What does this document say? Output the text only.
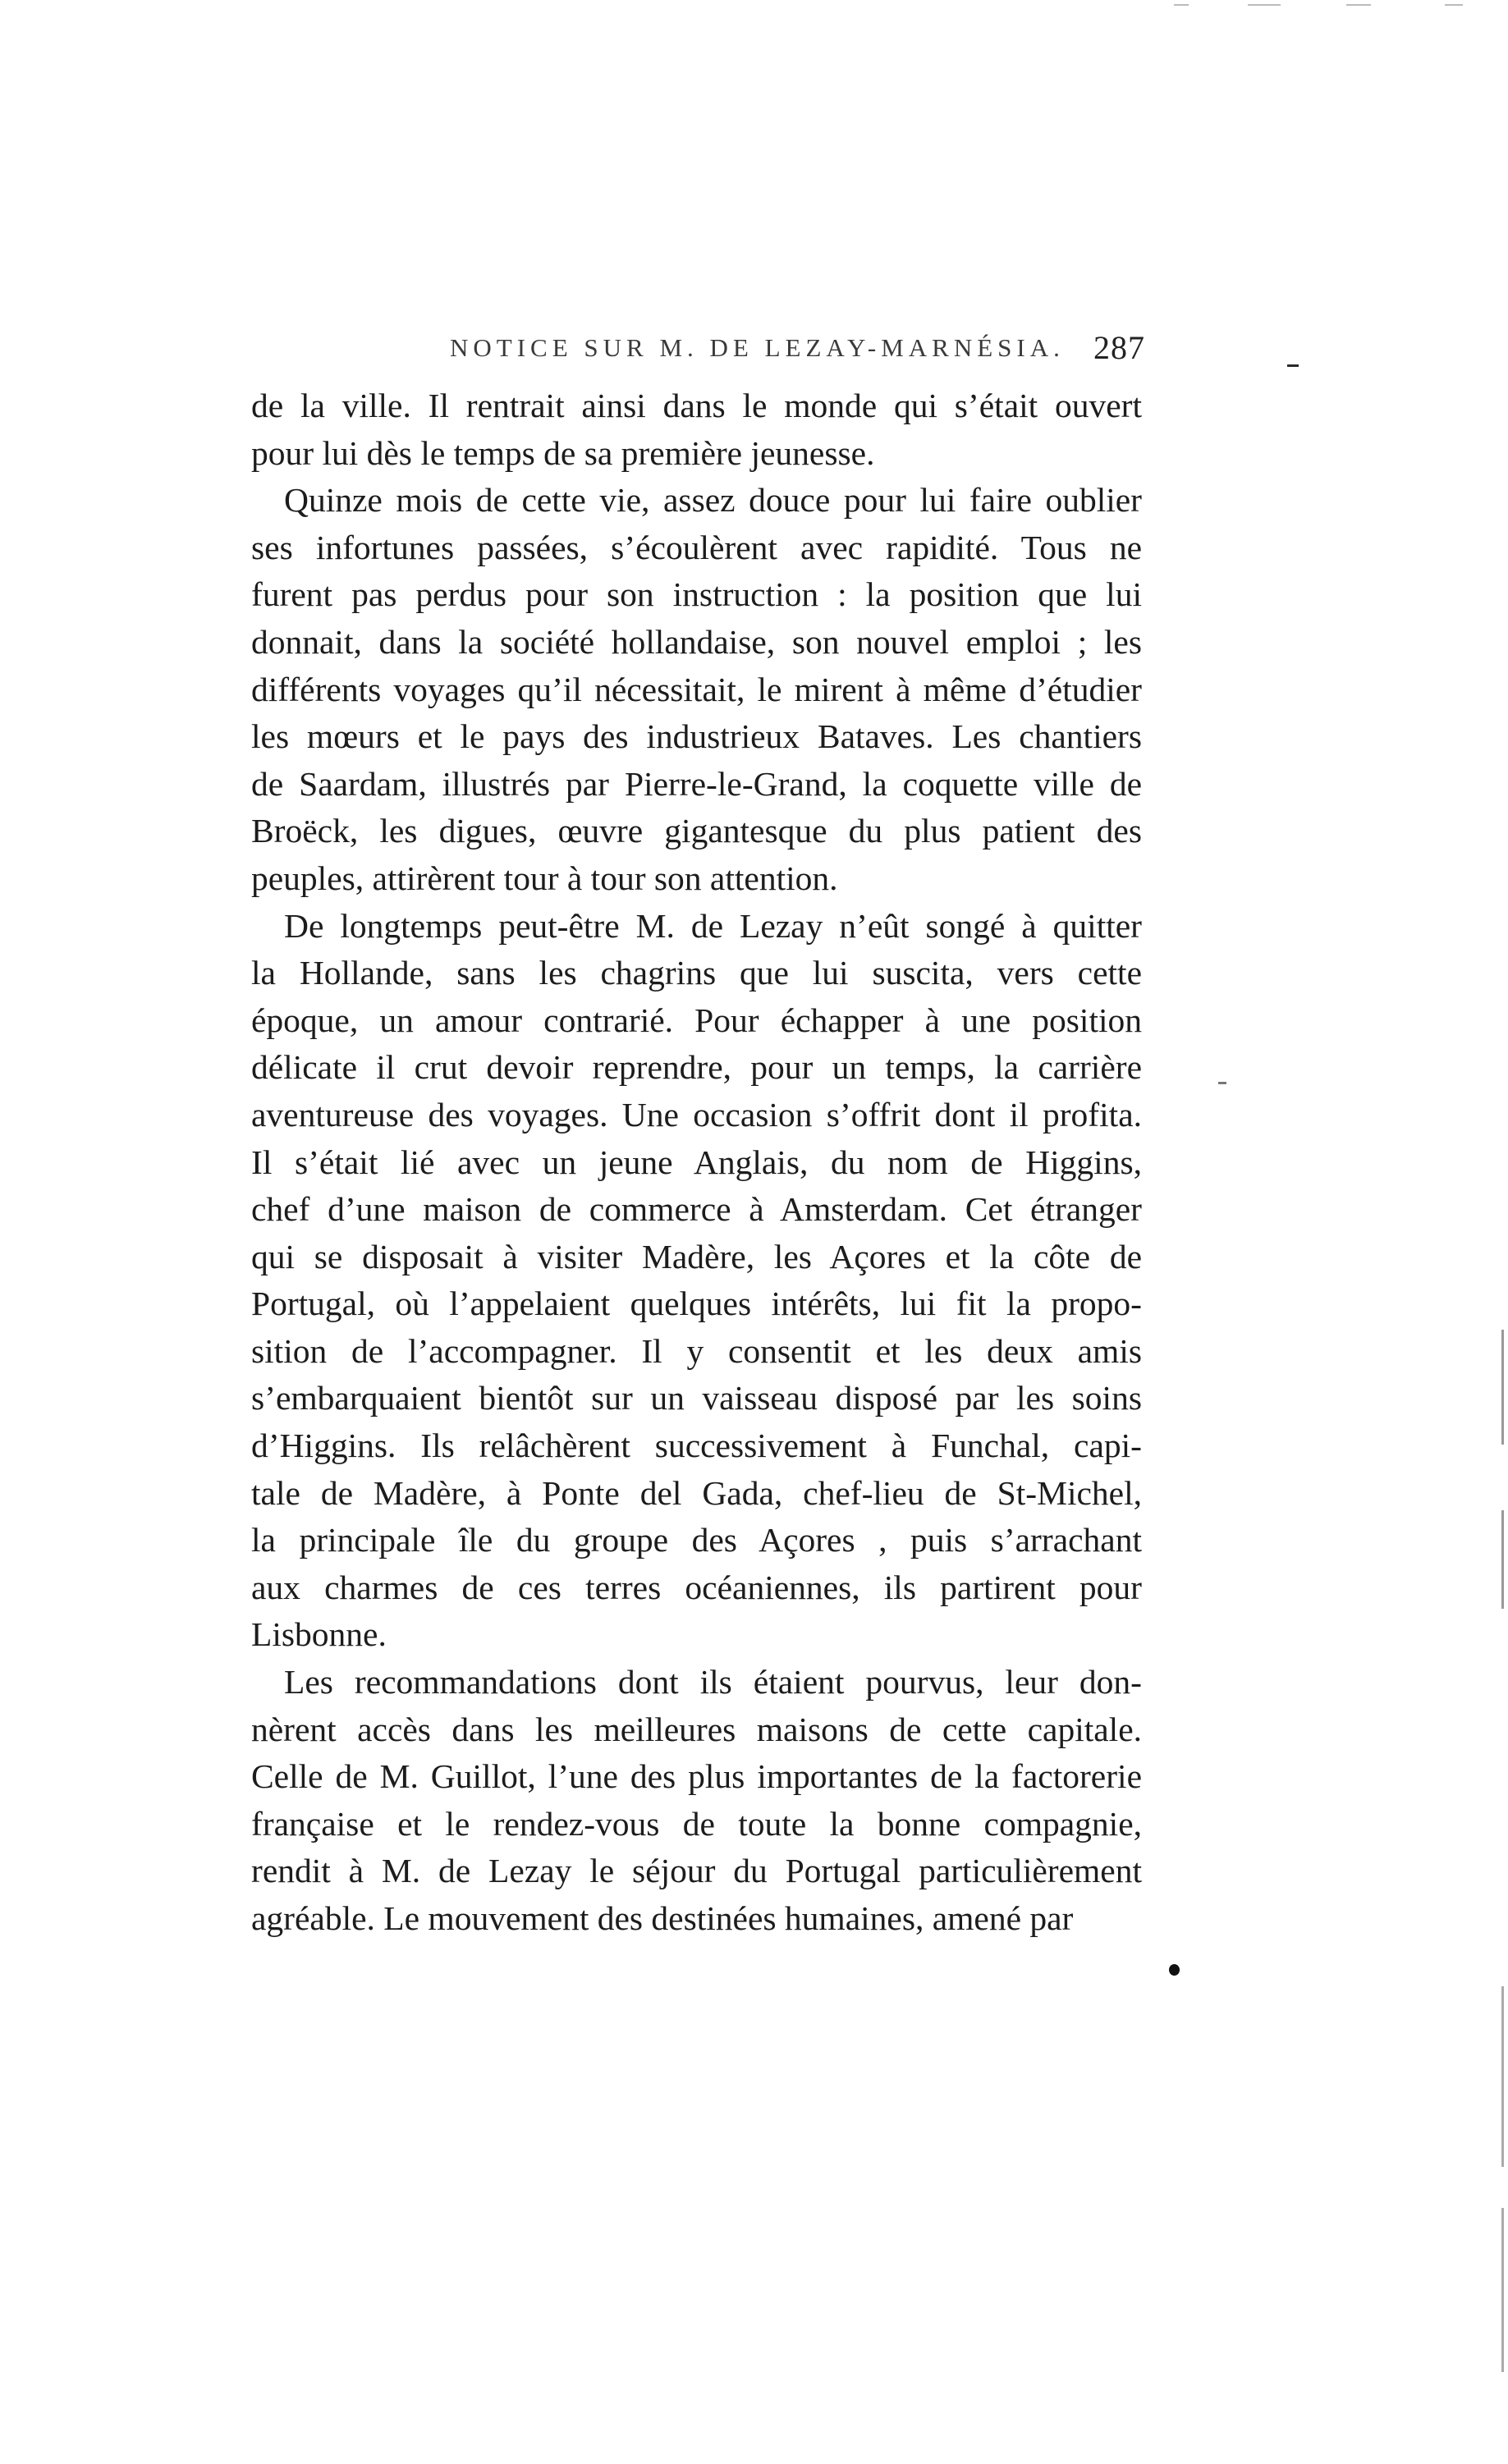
NOTICE SUR M. DE LEZAY-MARNÉSIA. 287
de la ville. Il rentrait ainsi dans le monde qui s’était ouvert
pour lui dès le temps de sa première jeunesse.
Quinze mois de cette vie, assez douce pour lui faire oublier
ses infortunes passées, s’écoulèrent avec rapidité. Tous ne
furent pas perdus pour son instruction : la position que lui
donnait, dans la société hollandaise, son nouvel emploi ; les
différents voyages qu’il nécessitait, le mirent à même d’étudier
les mœurs et le pays des industrieux Bataves. Les chantiers
de Saardam, illustrés par Pierre-le-Grand, la coquette ville de
Broëck, les digues, œuvre gigantesque du plus patient des
peuples, attirèrent tour à tour son attention.
De longtemps peut-être M. de Lezay n’eût songé à quitter
la Hollande, sans les chagrins que lui suscita, vers cette
époque, un amour contrarié. Pour échapper à une position
délicate il crut devoir reprendre, pour un temps, la carrière
aventureuse des voyages. Une occasion s’offrit dont il profita.
Il s’était lié avec un jeune Anglais, du nom de Higgins,
chef d’une maison de commerce à Amsterdam. Cet étranger
qui se disposait à visiter Madère, les Açores et la côte de
Portugal, où l’appelaient quelques intérêts, lui fit la propo-
sition de l’accompagner. Il y consentit et les deux amis
s’embarquaient bientôt sur un vaisseau disposé par les soins
d’Higgins. Ils relâchèrent successivement à Funchal, capi-
tale de Madère, à Ponte del Gada, chef-lieu de St-Michel,
la principale île du groupe des Açores , puis s’arrachant
aux charmes de ces terres océaniennes, ils partirent pour
Lisbonne.
Les recommandations dont ils étaient pourvus, leur don-
nèrent accès dans les meilleures maisons de cette capitale.
Celle de M. Guillot, l’une des plus importantes de la factorerie
française et le rendez-vous de toute la bonne compagnie,
rendit à M. de Lezay le séjour du Portugal particulièrement
agréable. Le mouvement des destinées humaines, amené par
